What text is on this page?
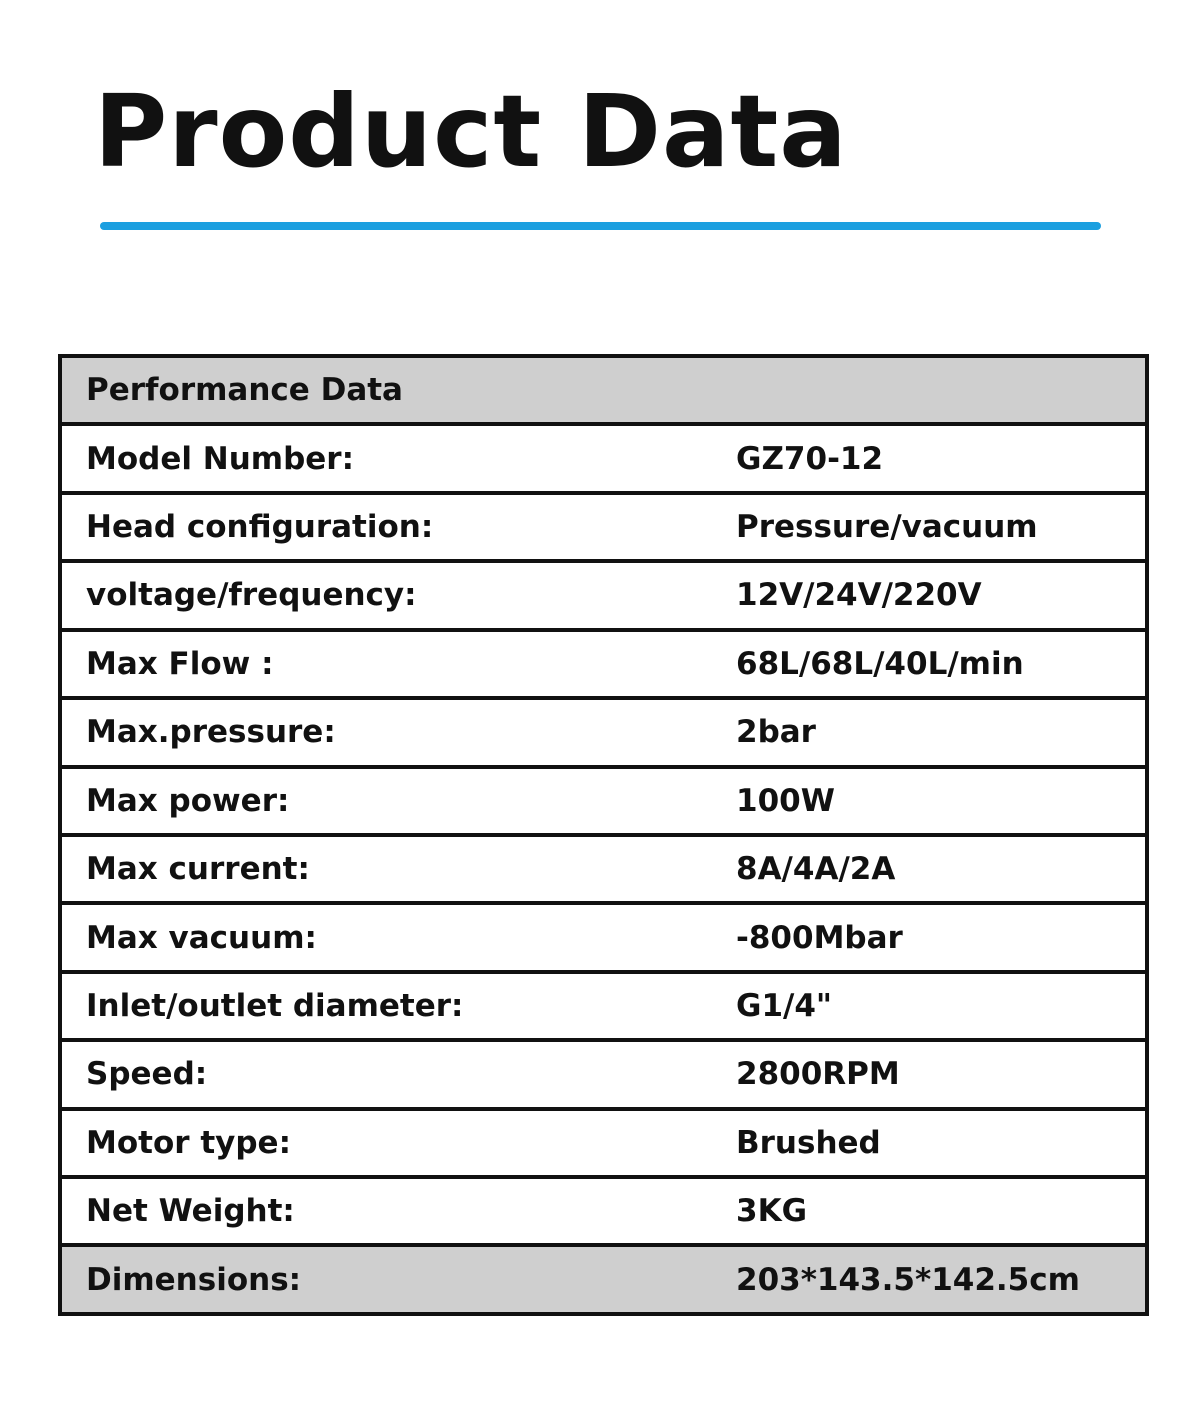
Product Data
Performance Data
Model Number:	GZ70-12
Head configuration:	Pressure/vacuum
voltage/frequency:	12V/24V/220V
Max Flow :	68L/68L/40L/min
Max.pressure:	2bar
Max power:	100W
Max current:	8A/4A/2A
Max vacuum:	-800Mbar
Inlet/outlet diameter:	G1/4"
Speed:	2800RPM
Motor type:	Brushed
Net Weight:	3KG
Dimensions:	203*143.5*142.5cm
